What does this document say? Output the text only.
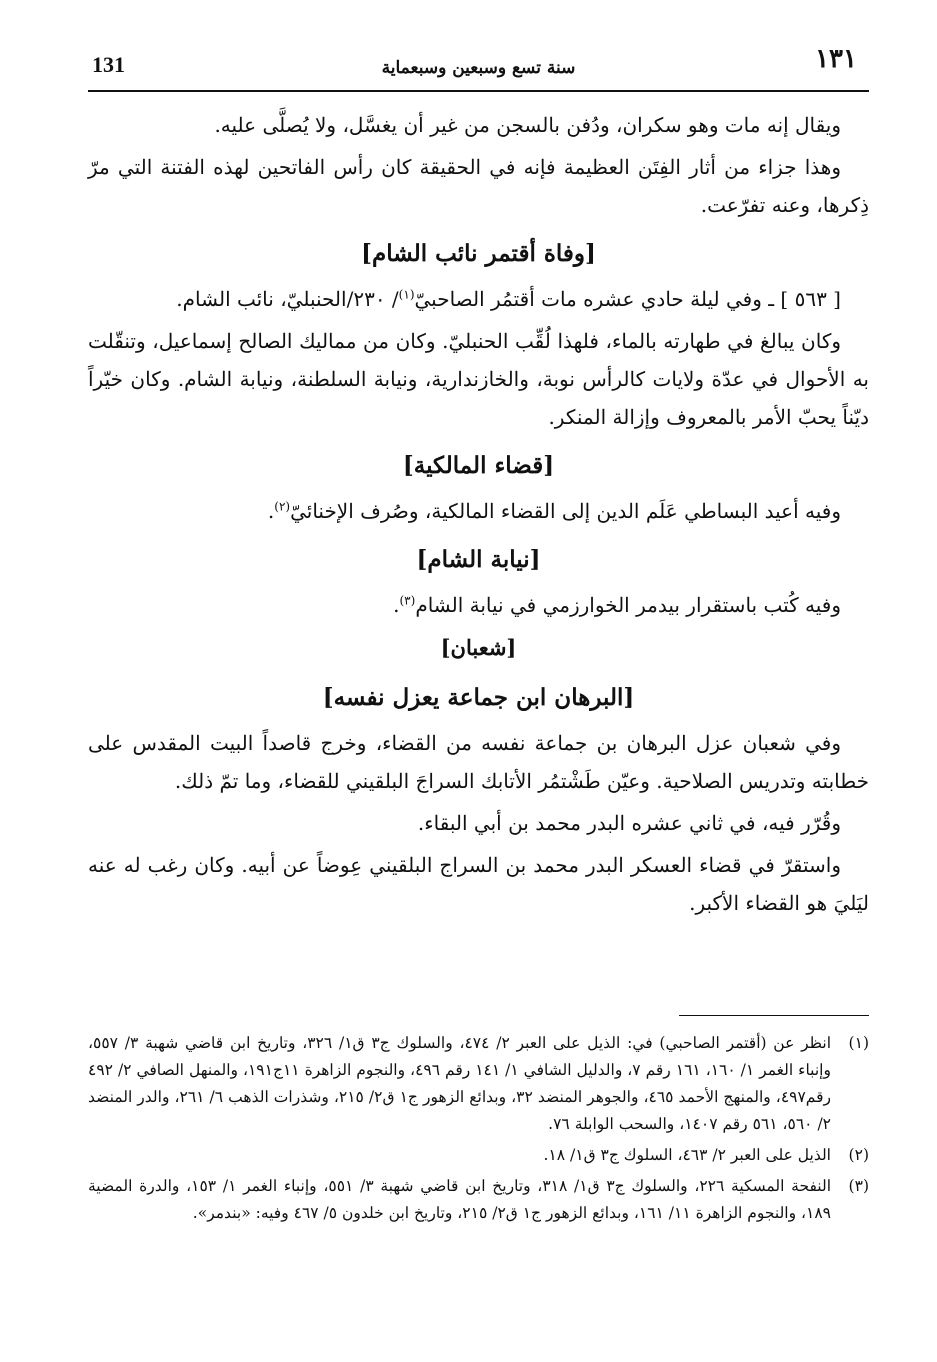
١٣١
سنة تسع وسبعين وسبعماية
131

ويقال إنه مات وهو سكران، ودُفن بالسجن من غير أن يغسَّل، ولا يُصلَّى عليه.

وهذا جزاء من أثار الفِتَن العظيمة فإنه في الحقيقة كان رأس الفاتحين لهذه الفتنة التي مرّ ذِكرها، وعنه تفرّعت.

[وفاة أقتمر نائب الشام]

[ ٥٦٣ ] ـ وفي ليلة حادي عشره مات أقتمُر الصاحبيّ$^{(١)}$/ ٢٣٠/الحنبليّ، نائب الشام.

وكان يبالغ في طهارته بالماء، فلهذا لُقِّب الحنبليّ. وكان من مماليك الصالح إسماعيل، وتنقّلت به الأحوال في عدّة ولايات كالرأس نوبة، والخازندارية، ونيابة السلطنة، ونيابة الشام. وكان خيّراً ديّناً يحبّ الأمر بالمعروف وإزالة المنكر.

[قضاء المالكية]

وفيه أعيد البساطي عَلَم الدين إلى القضاء المالكية، وصُرف الإخنائيّ$^{(٢)}$.

[نيابة الشام]

وفيه كُتب باستقرار بيدمر الخوارزمي في نيابة الشام$^{(٣)}$.

[شعبان]
[البرهان ابن جماعة يعزل نفسه]

وفي شعبان عزل البرهان بن جماعة نفسه من القضاء، وخرج قاصداً البيت المقدس على خطابته وتدريس الصلاحية. وعيّن طَشْتمُر الأتابك السراجَ البلقيني للقضاء، وما تمّ ذلك.

وقُرّر فيه، في ثاني عشره البدر محمد بن أبي البقاء.

واستقرّ في قضاء العسكر البدر محمد بن السراج البلقيني عِوضاً عن أبيه. وكان رغب له عنه ليَليَ هو القضاء الأكبر.

(١)
انظر عن (أقتمر الصاحبي) في: الذيل على العبر ٢/ ٤٧٤، والسلوك ج٣ ق١/ ٣٢٦، وتاريخ ابن قاضي شهبة ٣/ ٥٥٧، وإنباء الغمر ١/ ١٦٠، ١٦١ رقم ٧، والدليل الشافي ١/ ١٤١ رقم ٤٩٦، والنجوم الزاهرة ١١ج١٩١، والمنهل الصافي ٢/ ٤٩٢ رقم٤٩٧، والمنهج الأحمد ٤٦٥، والجوهر المنضد ٣٢، وبدائع الزهور ج١ ق٢/ ٢١٥، وشذرات الذهب ٦/ ٢٦١، والدر المنضد ٢/ ٥٦٠، ٥٦١ رقم ١٤٠٧، والسحب الوابلة ٧٦.
(٢)
الذيل على العبر ٢/ ٤٦٣، السلوك ج٣ ق١/ ١٨.
(٣)
النفحة المسكية ٢٢٦، والسلوك ج٣ ق١/ ٣١٨، وتاريخ ابن قاضي شهبة ٣/ ٥٥١، وإنباء الغمر ١/ ١٥٣، والدرة المضية ١٨٩، والنجوم الزاهرة ١١/ ١٦١، وبدائع الزهور ج١ ق٢/ ٢١٥، وتاريخ ابن خلدون ٥/ ٤٦٧ وفيه: «بندمر».
